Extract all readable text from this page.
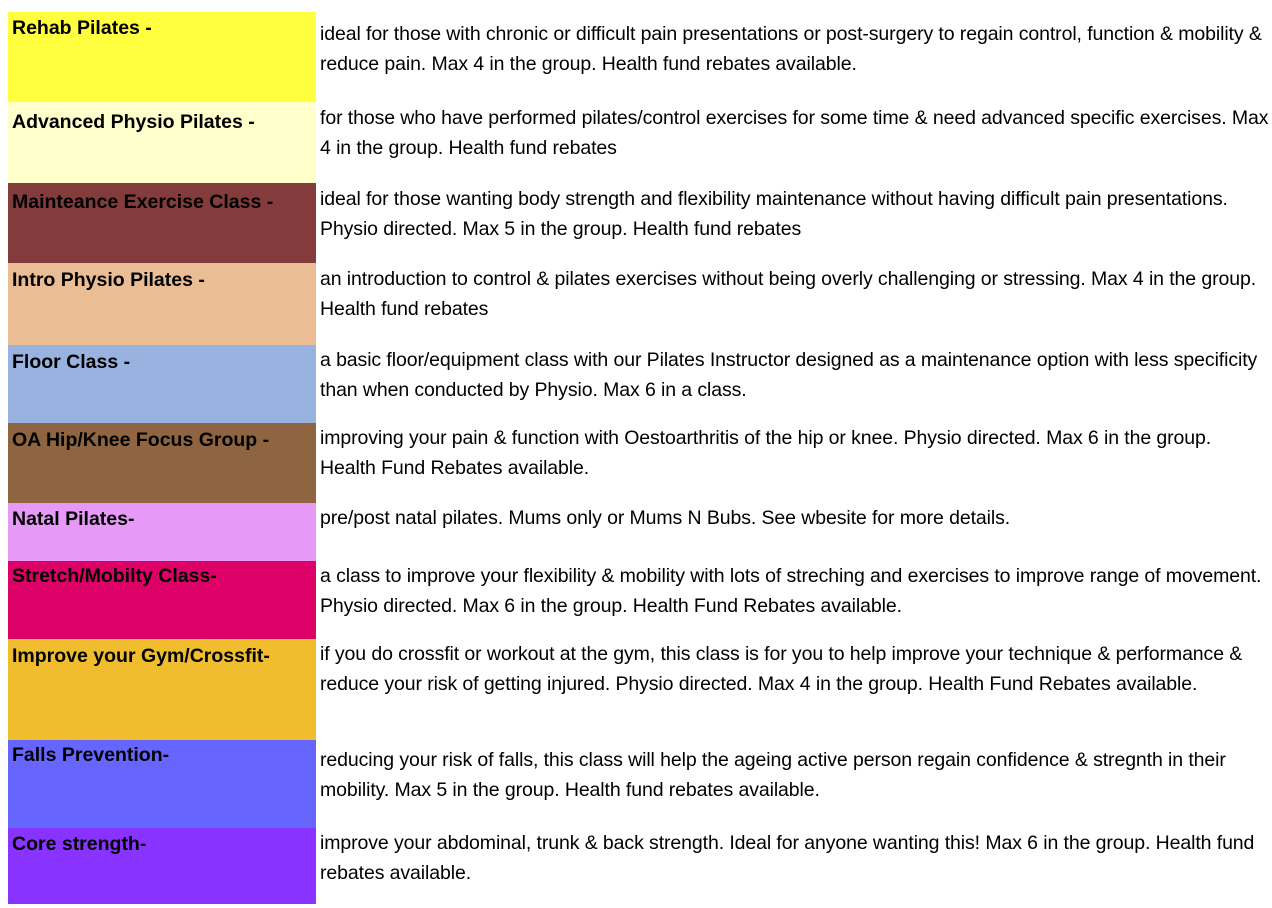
Rehab Pilates -	ideal for those with chronic or difficult pain presentations or post-surgery to regain control, function & mobility & reduce pain. Max 4 in the group. Health fund rebates available.
Advanced Physio Pilates -	for those who have performed pilates/control exercises for some time & need advanced specific exercises. Max 4 in the group. Health fund rebates
Mainteance Exercise Class -	ideal for those wanting body strength and flexibility maintenance without having difficult pain presentations. Physio directed. Max 5 in the group. Health fund rebates
Intro Physio Pilates -	an introduction to control & pilates exercises without being overly challenging or stressing. Max 4 in the group. Health fund rebates
Floor Class -	a basic floor/equipment class with our Pilates Instructor designed as a maintenance option with less specificity than when conducted by Physio. Max 6 in a class.
OA Hip/Knee Focus Group -	improving your pain & function with Oestoarthritis of the hip or knee. Physio directed. Max 6 in the group. Health Fund Rebates available.
Natal Pilates-	pre/post natal pilates. Mums only or Mums N Bubs. See wbesite for more details.
Stretch/Mobilty Class-	a class to improve your flexibility & mobility with lots of streching and exercises to improve range of movement. Physio directed. Max 6 in the group. Health Fund Rebates available.
Improve your Gym/Crossfit-	if you do crossfit or workout at the gym, this class is for you to help improve your technique & performance & reduce your risk of getting injured. Physio directed. Max 4 in the group. Health Fund Rebates available.
Falls Prevention-	reducing your risk of falls, this class will help the ageing active person regain confidence & stregnth in their mobility. Max 5 in the group. Health fund rebates available.
Core strength-	improve your abdominal, trunk & back strength. Ideal for anyone wanting this! Max 6 in the group. Health fund rebates available.
